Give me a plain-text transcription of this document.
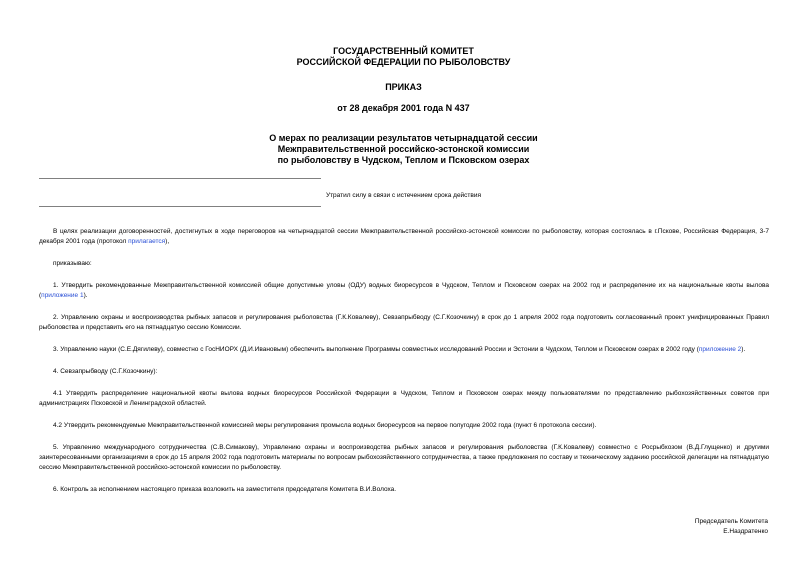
ГОСУДАРСТВЕННЫЙ КОМИТЕТ
РОССИЙСКОЙ ФЕДЕРАЦИИ ПО РЫБОЛОВСТВУ
ПРИКАЗ
от 28 декабря 2001 года N 437
О мерах по реализации результатов четырнадцатой сессии
Межправительственной российско-эстонской комиссии
по рыболовству в Чудском, Теплом и Псковском озерах
Утратил силу в связи с истечением срока действия

В целях реализации договоренностей, достигнутых в ходе переговоров на четырнадцатой сессии Межправительственной российско-эстонской комиссии по рыболовству, которая состоялась в г.Пскове, Российская Федерация, 3-7 декабря 2001 года (протокол прилагается),

приказываю:

1. Утвердить рекомендованные Межправительственной комиссией общие допустимые уловы (ОДУ) водных биоресурсов в Чудском, Теплом и Псковском озерах на 2002 год и распределение их на национальные квоты вылова (приложение 1).

2. Управлению охраны и воспроизводства рыбных запасов и регулирования рыболовства (Г.К.Ковалеву), Севзапрыбводу (С.Г.Козочкину) в срок до 1 апреля 2002 года подготовить согласованный проект унифицированных Правил рыболовства и представить его на пятнадцатую сессию Комиссии.

3. Управлению науки (С.Е.Дягилеву), совместно с ГосНИОРХ (Д.И.Ивановым) обеспечить выполнение Программы совместных исследований России и Эстонии в Чудском, Теплом и Псковском озерах в 2002 году (приложение 2).

4. Севзапрыбводу (С.Г.Козочкину):

4.1 Утвердить распределение национальной квоты вылова водных биоресурсов Российской Федерации в Чудском, Теплом и Псковском озерах между пользователями по представлению рыбохозяйственных советов при администрациях Псковской и Ленинградской областей.

4.2 Утвердить рекомендуемые Межправительственной комиссией меры регулирования промысла водных биоресурсов на первое полугодие 2002 года (пункт 6 протокола сессии).

5. Управлению международного сотрудничества (С.В.Симакову), Управлению охраны и воспроизводства рыбных запасов и регулирования рыболовства (Г.К.Ковалеву) совместно с Росрыбхозом (В.Д.Глущенко) и другими заинтересованными организациями в срок до 15 апреля 2002 года подготовить материалы по вопросам рыбохозяйственного сотрудничества, а также предложения по составу и техническому заданию российской делегации на пятнадцатую сессию Межправительственной российско-эстонской комиссии по рыболовству.

6. Контроль за исполнением настоящего приказа возложить на заместителя председателя Комитета В.И.Волоха.

Председатель Комитета
Е.Наздратенко
